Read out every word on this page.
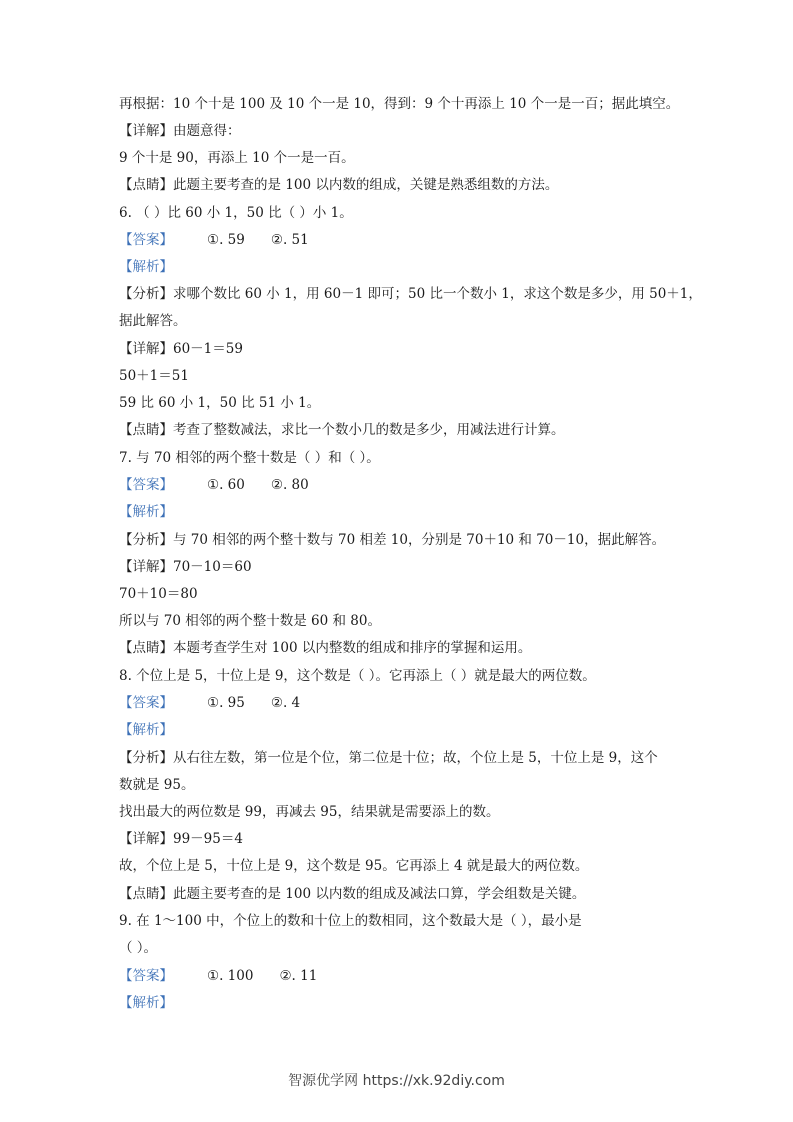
再根据：10 个十是 100 及 10 个一是 10，得到：9 个十再添上 10 个一是一百；据此填空。
【详解】由题意得：
9 个十是 90，再添上 10 个一是一百。
【点睛】此题主要考查的是 100 以内数的组成，关键是熟悉组数的方法。
6. （ ）比 60 小 1，50 比（ ）小 1。
【答案】	①. 59 ②. 51
【解析】
【分析】求哪个数比 60 小 1，用 60－1 即可；50 比一个数小 1，求这个数是多少，用 50＋1，
据此解答。
【详解】60－1＝59
50＋1＝51
59 比 60 小 1，50 比 51 小 1。
【点睛】考查了整数减法，求比一个数小几的数是多少，用减法进行计算。
7. 与 70 相邻的两个整十数是（ ）和（ ）。
【答案】	①. 60 ②. 80
【解析】
【分析】与 70 相邻的两个整十数与 70 相差 10，分别是 70＋10 和 70－10，据此解答。
【详解】70－10＝60
70＋10＝80
所以与 70 相邻的两个整十数是 60 和 80。
【点睛】本题考查学生对 100 以内整数的组成和排序的掌握和运用。
8. 个位上是 5，十位上是 9，这个数是（ ）。它再添上（ ）就是最大的两位数。
【答案】	①. 95 ②. 4
【解析】
【分析】从右往左数，第一位是个位，第二位是十位；故，个位上是 5，十位上是 9，这个
数就是 95。
找出最大的两位数是 99，再减去 95，结果就是需要添上的数。
【详解】99－95＝4
故，个位上是 5，十位上是 9，这个数是 95。它再添上 4 就是最大的两位数。
【点睛】此题主要考查的是 100 以内数的组成及减法口算，学会组数是关键。
9. 在 1～100 中，个位上的数和十位上的数相同，这个数最大是（ ），最小是
（ ）。
【答案】	①. 100 ②. 11
【解析】
智源优学网 https://xk.92diy.com
